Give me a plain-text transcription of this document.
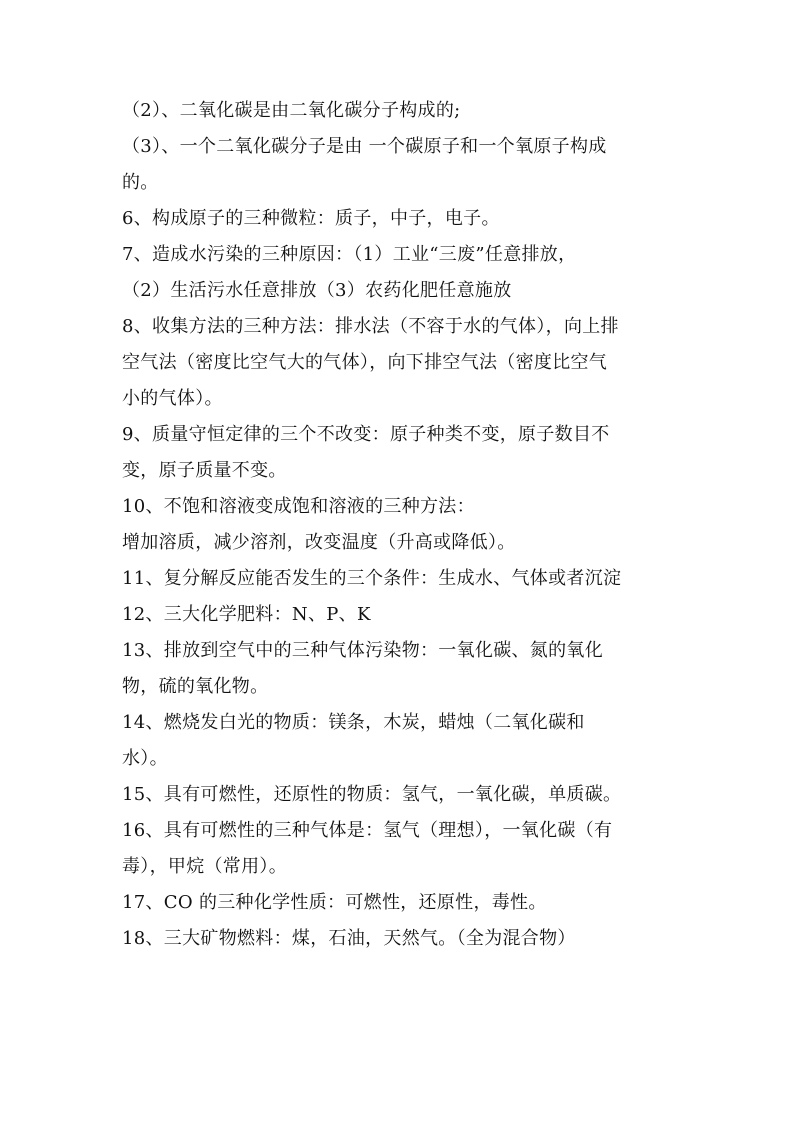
（2）、二氧化碳是由二氧化碳分子构成的;
（3）、一个二氧化碳分子是由 一个碳原子和一个氧原子构成
的。
6、构成原子的三种微粒：质子，中子，电子。
7、造成水污染的三种原因：（1）工业“三废”任意排放，
（2）生活污水任意排放（3）农药化肥任意施放
8、收集方法的三种方法：排水法（不容于水的气体），向上排
空气法（密度比空气大的气体），向下排空气法（密度比空气
小的气体）。
9、质量守恒定律的三个不改变：原子种类不变，原子数目不
变，原子质量不变。
10、不饱和溶液变成饱和溶液的三种方法：
增加溶质，减少溶剂，改变温度（升高或降低）。
11、复分解反应能否发生的三个条件：生成水、气体或者沉淀
12、三大化学肥料：N、P、K
13、排放到空气中的三种气体污染物：一氧化碳、氮的氧化
物，硫的氧化物。
14、燃烧发白光的物质：镁条，木炭，蜡烛（二氧化碳和
水）。
15、具有可燃性，还原性的物质：氢气，一氧化碳，单质碳。
16、具有可燃性的三种气体是：氢气（理想），一氧化碳（有
毒），甲烷（常用）。
17、CO 的三种化学性质：可燃性，还原性，毒性。
18、三大矿物燃料：煤，石油，天然气。（全为混合物）
